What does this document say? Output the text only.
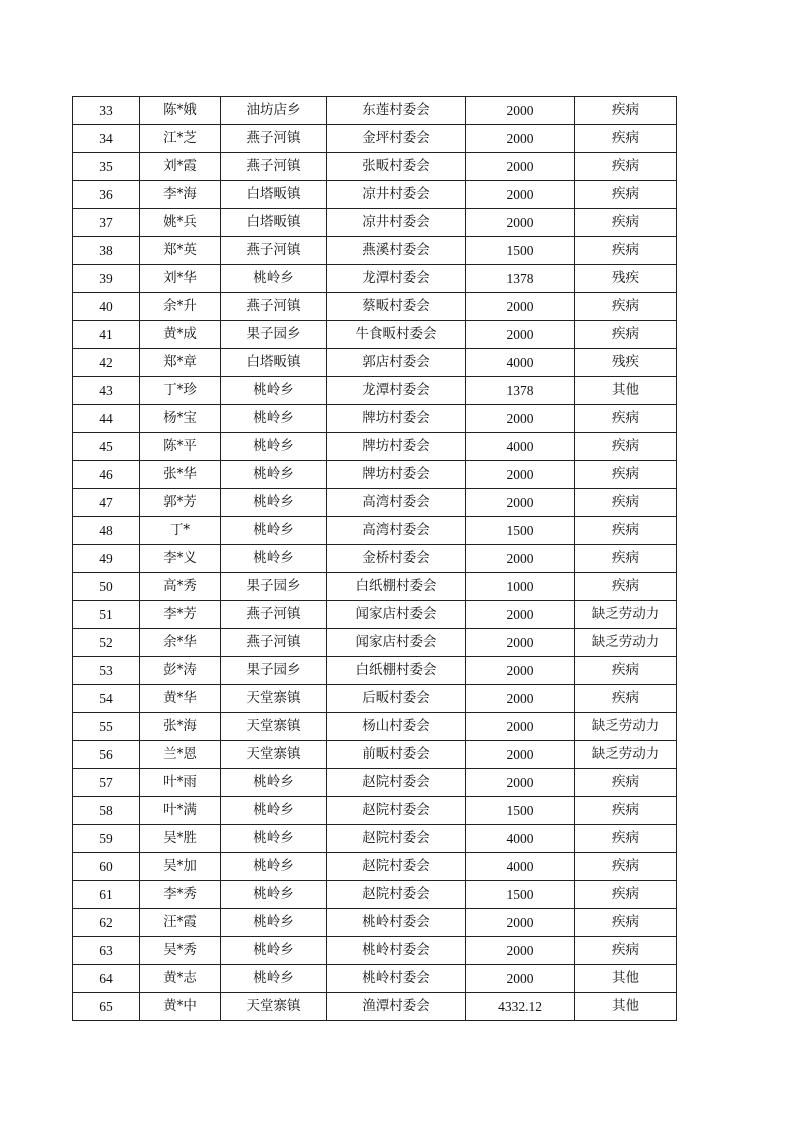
33	陈*娥	油坊店乡	东莲村委会	2000	疾病
34	江*芝	燕子河镇	金坪村委会	2000	疾病
35	刘*霞	燕子河镇	张畈村委会	2000	疾病
36	李*海	白塔畈镇	凉井村委会	2000	疾病
37	姚*兵	白塔畈镇	凉井村委会	2000	疾病
38	郑*英	燕子河镇	燕溪村委会	1500	疾病
39	刘*华	桃岭乡	龙潭村委会	1378	残疾
40	余*升	燕子河镇	蔡畈村委会	2000	疾病
41	黄*成	果子园乡	牛食畈村委会	2000	疾病
42	郑*章	白塔畈镇	郭店村委会	4000	残疾
43	丁*珍	桃岭乡	龙潭村委会	1378	其他
44	杨*宝	桃岭乡	牌坊村委会	2000	疾病
45	陈*平	桃岭乡	牌坊村委会	4000	疾病
46	张*华	桃岭乡	牌坊村委会	2000	疾病
47	郭*芳	桃岭乡	高湾村委会	2000	疾病
48	丁*	桃岭乡	高湾村委会	1500	疾病
49	李*义	桃岭乡	金桥村委会	2000	疾病
50	高*秀	果子园乡	白纸棚村委会	1000	疾病
51	李*芳	燕子河镇	闻家店村委会	2000	缺乏劳动力
52	余*华	燕子河镇	闻家店村委会	2000	缺乏劳动力
53	彭*涛	果子园乡	白纸棚村委会	2000	疾病
54	黄*华	天堂寨镇	后畈村委会	2000	疾病
55	张*海	天堂寨镇	杨山村委会	2000	缺乏劳动力
56	兰*恩	天堂寨镇	前畈村委会	2000	缺乏劳动力
57	叶*雨	桃岭乡	赵院村委会	2000	疾病
58	叶*满	桃岭乡	赵院村委会	1500	疾病
59	吴*胜	桃岭乡	赵院村委会	4000	疾病
60	吴*加	桃岭乡	赵院村委会	4000	疾病
61	李*秀	桃岭乡	赵院村委会	1500	疾病
62	汪*霞	桃岭乡	桃岭村委会	2000	疾病
63	吴*秀	桃岭乡	桃岭村委会	2000	疾病
64	黄*志	桃岭乡	桃岭村委会	2000	其他
65	黄*中	天堂寨镇	渔潭村委会	4332.12	其他
